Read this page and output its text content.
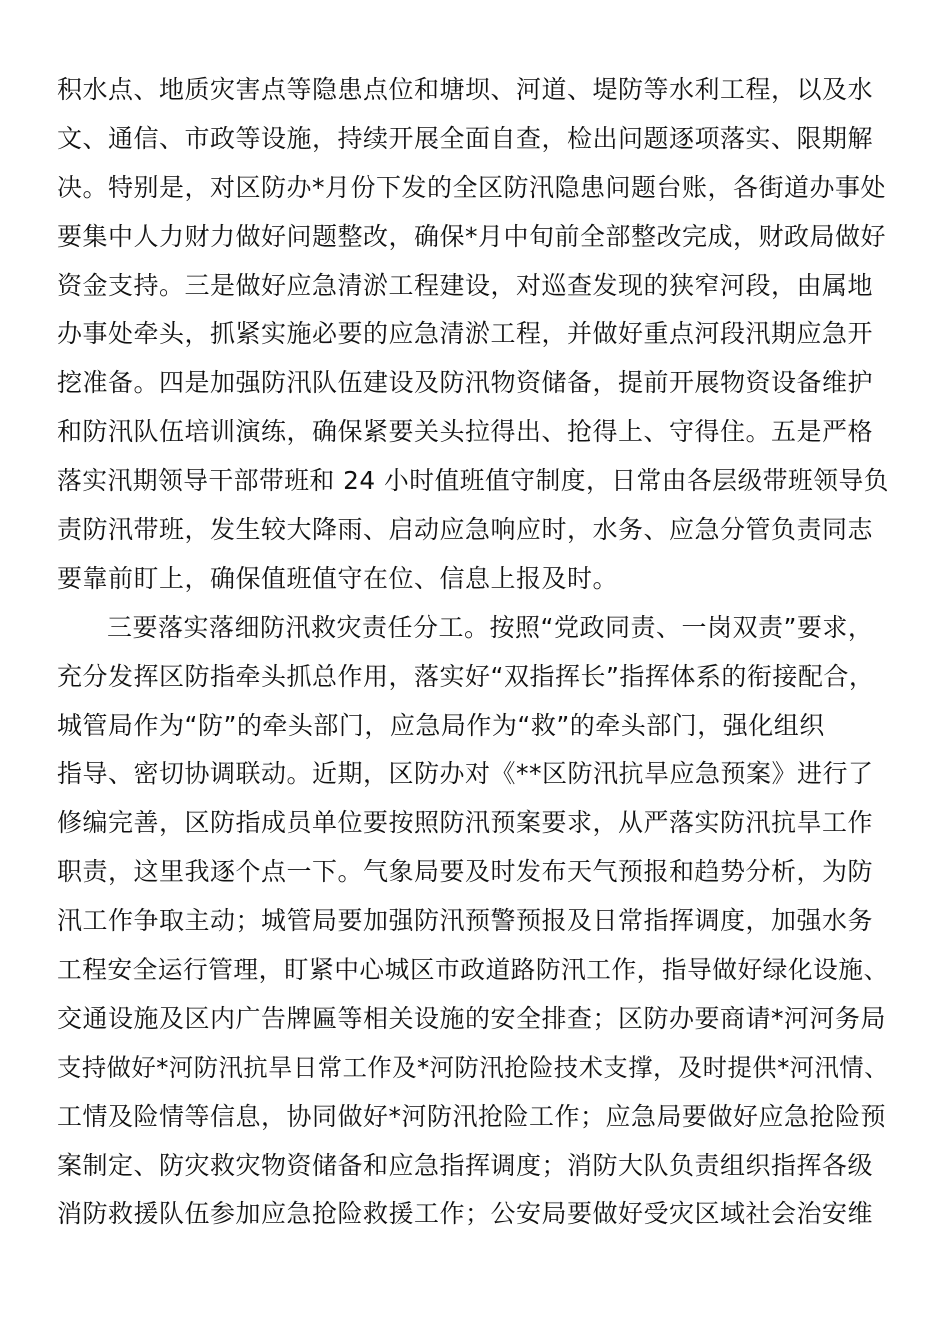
积水点、地质灾害点等隐患点位和塘坝、河道、堤防等水利工程，以及水
文、通信、市政等设施，持续开展全面自查，检出问题逐项落实、限期解
决。特别是，对区防办*月份下发的全区防汛隐患问题台账，各街道办事处
要集中人力财力做好问题整改，确保*月中旬前全部整改完成，财政局做好
资金支持。三是做好应急清淤工程建设，对巡查发现的狭窄河段，由属地
办事处牵头，抓紧实施必要的应急清淤工程，并做好重点河段汛期应急开
挖准备。四是加强防汛队伍建设及防汛物资储备，提前开展物资设备维护
和防汛队伍培训演练，确保紧要关头拉得出、抢得上、守得住。五是严格
落实汛期领导干部带班和 24 小时值班值守制度，日常由各层级带班领导负
责防汛带班，发生较大降雨、启动应急响应时，水务、应急分管负责同志
要靠前盯上，确保值班值守在位、信息上报及时。

三要落实落细防汛救灾责任分工。按照“党政同责、一岗双责”要求，
充分发挥区防指牵头抓总作用，落实好“双指挥长”指挥体系的衔接配合，
城管局作为“防”的牵头部门，应急局作为“救”的牵头部门，强化组织
指导、密切协调联动。近期，区防办对《**区防汛抗旱应急预案》进行了
修编完善，区防指成员单位要按照防汛预案要求，从严落实防汛抗旱工作
职责，这里我逐个点一下。气象局要及时发布天气预报和趋势分析，为防
汛工作争取主动；城管局要加强防汛预警预报及日常指挥调度，加强水务
工程安全运行管理，盯紧中心城区市政道路防汛工作，指导做好绿化设施、
交通设施及区内广告牌匾等相关设施的安全排查；区防办要商请*河河务局
支持做好*河防汛抗旱日常工作及*河防汛抢险技术支撑，及时提供*河汛情、
工情及险情等信息，协同做好*河防汛抢险工作；应急局要做好应急抢险预
案制定、防灾救灾物资储备和应急指挥调度；消防大队负责组织指挥各级
消防救援队伍参加应急抢险救援工作；公安局要做好受灾区域社会治安维
